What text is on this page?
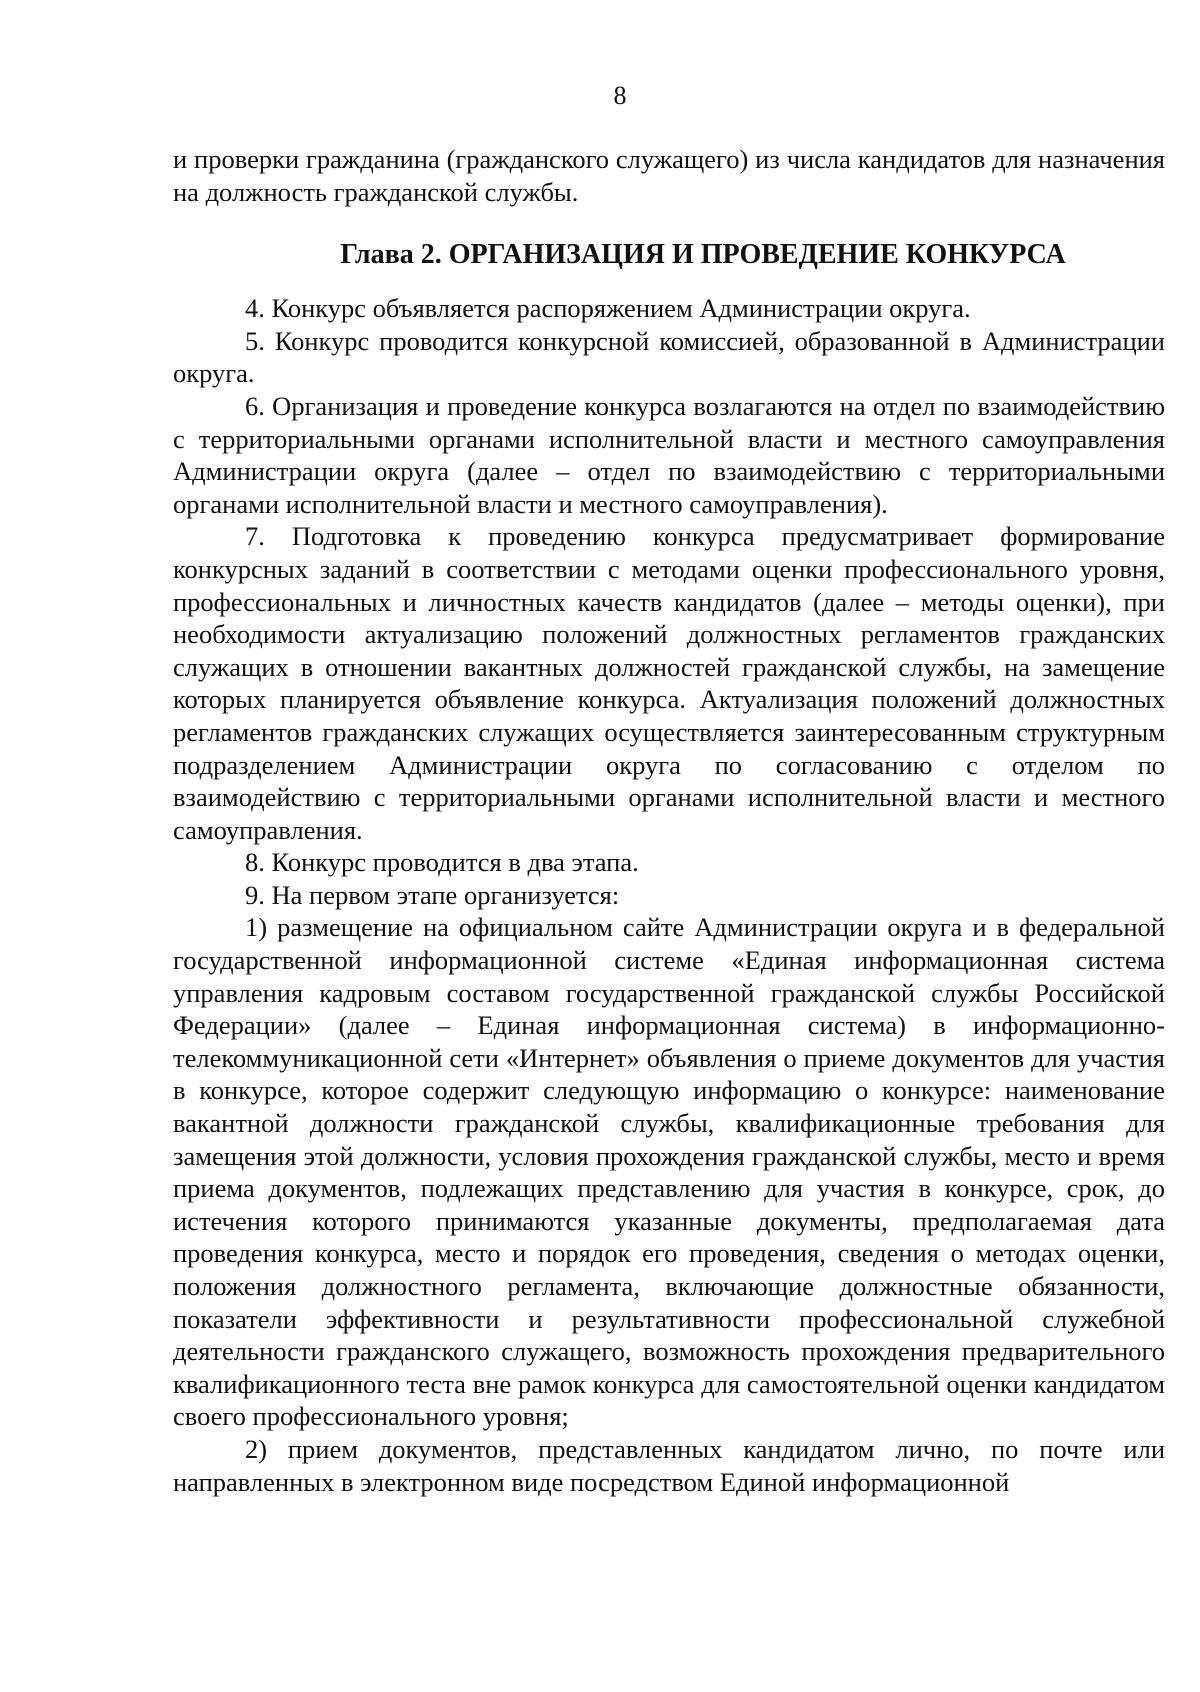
8

и проверки гражданина (гражданского служащего) из числа кандидатов для назначения на должность гражданской службы.

Глава 2. ОРГАНИЗАЦИЯ И ПРОВЕДЕНИЕ КОНКУРСА

4. Конкурс объявляется распоряжением Администрации округа.

5. Конкурс проводится конкурсной комиссией, образованной в Администрации округа.

6. Организация и проведение конкурса возлагаются на отдел по взаимодействию с территориальными органами исполнительной власти и местного самоуправления Администрации округа (далее – отдел по взаимодействию с территориальными органами исполнительной власти и местного самоуправления).

7. Подготовка к проведению конкурса предусматривает формирование конкурсных заданий в соответствии с методами оценки профессионального уровня, профессиональных и личностных качеств кандидатов (далее – методы оценки), при необходимости актуализацию положений должностных регламентов гражданских служащих в отношении вакантных должностей гражданской службы, на замещение которых планируется объявление конкурса. Актуализация положений должностных регламентов гражданских служащих осуществляется заинтересованным структурным подразделением Администрации округа по согласованию с отделом по взаимодействию с территориальными органами исполнительной власти и местного самоуправления.

8. Конкурс проводится в два этапа.

9. На первом этапе организуется:

1) размещение на официальном сайте Администрации округа и в федеральной государственной информационной системе «Единая информационная система управления кадровым составом государственной гражданской службы Российской Федерации» (далее – Единая информационная система) в информационно-телекоммуникационной сети «Интернет» объявления о приеме документов для участия в конкурсе, которое содержит следующую информацию о конкурсе: наименование вакантной должности гражданской службы, квалификационные требования для замещения этой должности, условия прохождения гражданской службы, место и время приема документов, подлежащих представлению для участия в конкурсе, срок, до истечения которого принимаются указанные документы, предполагаемая дата проведения конкурса, место и порядок его проведения, сведения о методах оценки, положения должностного регламента, включающие должностные обязанности, показатели эффективности и результативности профессиональной служебной деятельности гражданского служащего, возможность прохождения предварительного квалификационного теста вне рамок конкурса для самостоятельной оценки кандидатом своего профессионального уровня;

2) прием документов, представленных кандидатом лично, по почте или направленных в электронном виде посредством Единой информационной
